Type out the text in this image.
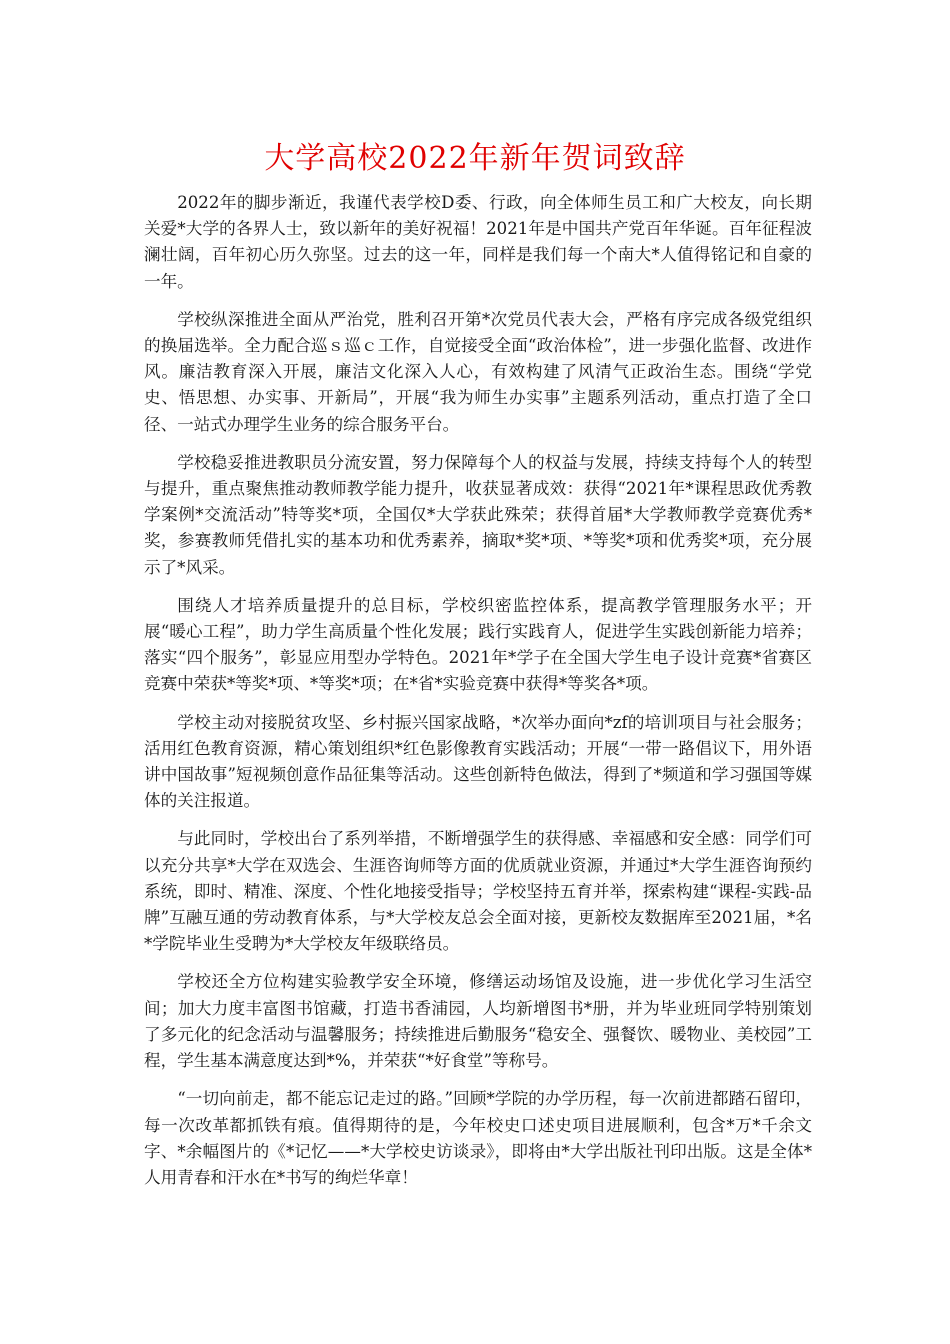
大学高校2022年新年贺词致辞

2022年的脚步渐近，我谨代表学校D委、行政，向全体师生员工和广大校友，向长期关爱*大学的各界人士，致以新年的美好祝福！2021年是中国共产党百年华诞。百年征程波澜壮阔，百年初心历久弥坚。过去的这一年，同样是我们每一个南大*人值得铭记和自豪的一年。

学校纵深推进全面从严治党，胜利召开第*次党员代表大会，严格有序完成各级党组织的换届选举。全力配合巡ｓ巡ｃ工作，自觉接受全面“政治体检”，进一步强化监督、改进作风。廉洁教育深入开展，廉洁文化深入人心，有效构建了风清气正政治生态。围绕“学党史、悟思想、办实事、开新局”，开展“我为师生办实事”主题系列活动，重点打造了全口径、一站式办理学生业务的综合服务平台。

学校稳妥推进教职员分流安置，努力保障每个人的权益与发展，持续支持每个人的转型与提升，重点聚焦推动教师教学能力提升，收获显著成效：获得“2021年*课程思政优秀教学案例*交流活动”特等奖*项，全国仅*大学获此殊荣；获得首届*大学教师教学竞赛优秀*奖，参赛教师凭借扎实的基本功和优秀素养，摘取*奖*项、*等奖*项和优秀奖*项，充分展示了*风采。

围绕人才培养质量提升的总目标，学校织密监控体系，提高教学管理服务水平；开展“暖心工程”，助力学生高质量个性化发展；践行实践育人，促进学生实践创新能力培养；落实“四个服务”，彰显应用型办学特色。2021年*学子在全国大学生电子设计竞赛*省赛区竞赛中荣获*等奖*项、*等奖*项；在*省*实验竞赛中获得*等奖各*项。

学校主动对接脱贫攻坚、乡村振兴国家战略，*次举办面向*zf的培训项目与社会服务；活用红色教育资源，精心策划组织*红色影像教育实践活动；开展“一带一路倡议下，用外语讲中国故事”短视频创意作品征集等活动。这些创新特色做法，得到了*频道和学习强国等媒体的关注报道。

与此同时，学校出台了系列举措，不断增强学生的获得感、幸福感和安全感：同学们可以充分共享*大学在双选会、生涯咨询师等方面的优质就业资源，并通过*大学生涯咨询预约系统，即时、精准、深度、个性化地接受指导；学校坚持五育并举，探索构建“课程-实践-品牌”互融互通的劳动教育体系，与*大学校友总会全面对接，更新校友数据库至2021届，*名*学院毕业生受聘为*大学校友年级联络员。

学校还全方位构建实验教学安全环境，修缮运动场馆及设施，进一步优化学习生活空间；加大力度丰富图书馆藏，打造书香浦园，人均新增图书*册，并为毕业班同学特别策划了多元化的纪念活动与温馨服务；持续推进后勤服务“稳安全、强餐饮、暖物业、美校园”工程，学生基本满意度达到*%，并荣获“*好食堂”等称号。

“一切向前走，都不能忘记走过的路。”回顾*学院的办学历程，每一次前进都踏石留印，每一次改革都抓铁有痕。值得期待的是，今年校史口述史项目进展顺利，包含*万*千余文字、*余幅图片的《*记忆——*大学校史访谈录》，即将由*大学出版社刊印出版。这是全体*人用青春和汗水在*书写的绚烂华章！
